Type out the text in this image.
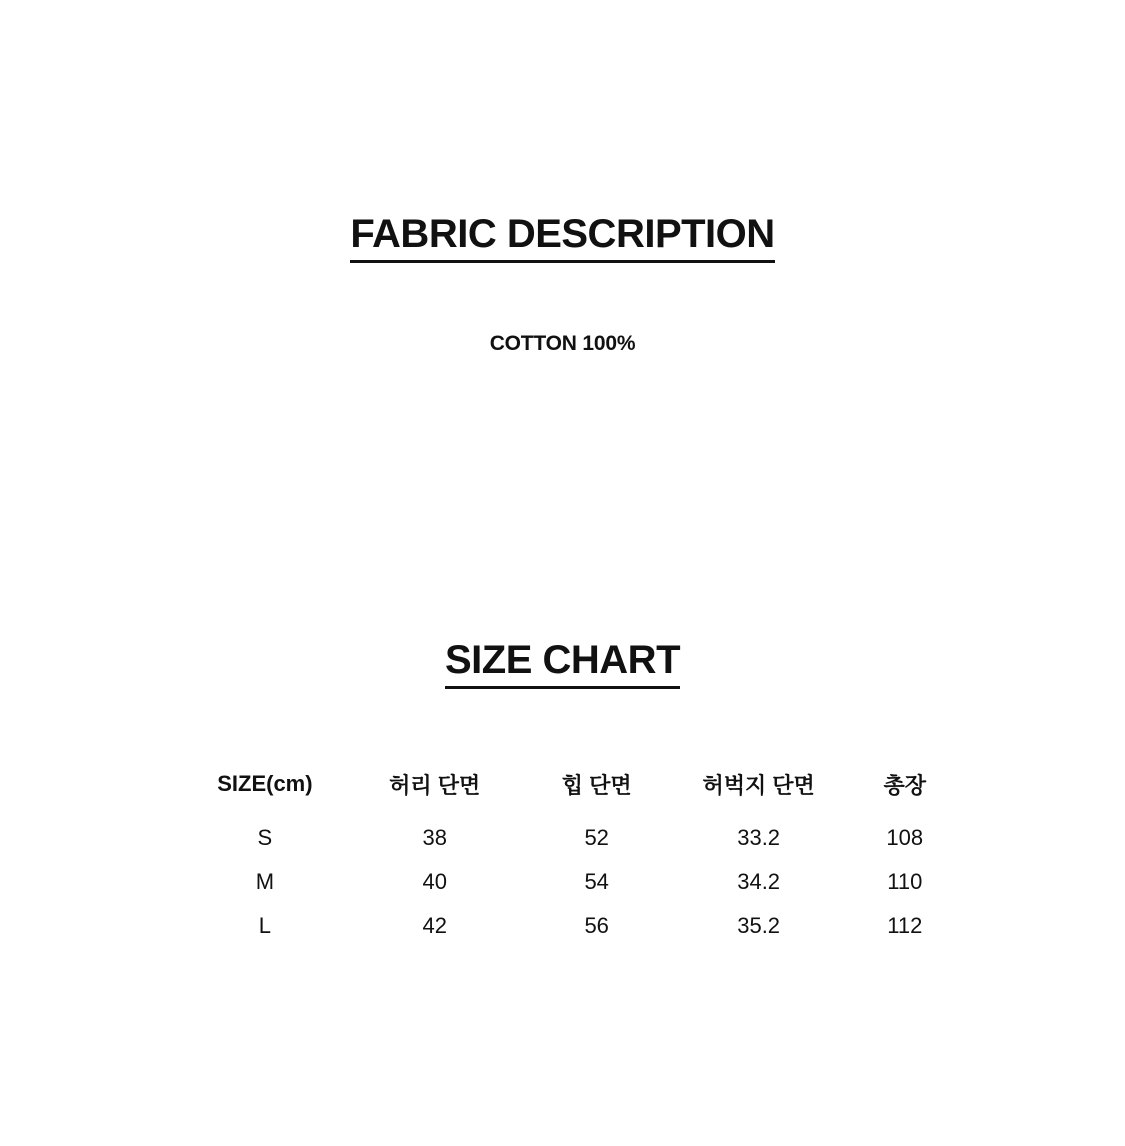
FABRIC DESCRIPTION
COTTON 100%
SIZE CHART
SIZE(cm)	허리 단면	힙 단면	허벅지 단면	총장
S	38	52	33.2	108
M	40	54	34.2	110
L	42	56	35.2	112
